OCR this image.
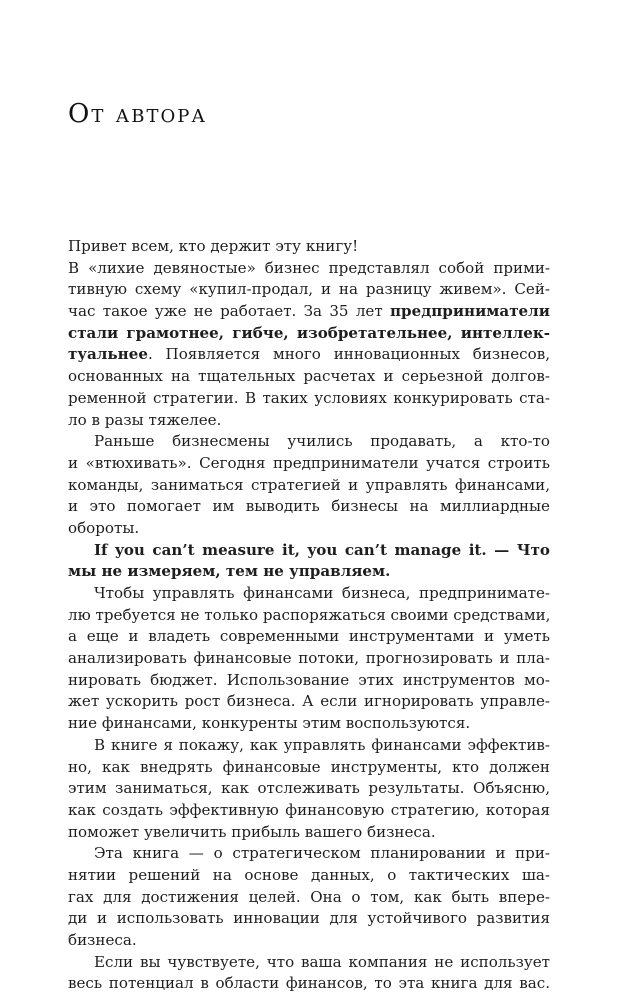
От автора
Привет всем, кто держит эту книгу!
В «лихие девяностые» бизнес представлял собой прими-
тивную схему «купил-продал, и на разницу живем». Сей-
час такое уже не работает. За 35 лет предприниматели
стали грамотнее, гибче, изобретательнее, интеллек-
туальнее. Появляется много инновационных бизнесов,
основанных на тщательных расчетах и серьезной долгов-
ременной стратегии. В таких условиях конкурировать ста-
ло в разы тяжелее.
Раньше бизнесмены учились продавать, а кто-то
и «втюхивать». Сегодня предприниматели учатся строить
команды, заниматься стратегией и управлять финансами,
и это помогает им выводить бизнесы на миллиардные
обороты.
If you can’t measure it, you can’t manage it. — Что
мы не измеряем, тем не управляем.
Чтобы управлять финансами бизнеса, предпринимате-
лю требуется не только распоряжаться своими средствами,
а еще и владеть современными инструментами и уметь
анализировать финансовые потоки, прогнозировать и пла-
нировать бюджет. Использование этих инструментов мо-
жет ускорить рост бизнеса. А если игнорировать управле-
ние финансами, конкуренты этим воспользуются.
В книге я покажу, как управлять финансами эффектив-
но, как внедрять финансовые инструменты, кто должен
этим заниматься, как отслеживать результаты. Объясню,
как создать эффективную финансовую стратегию, которая
поможет увеличить прибыль вашего бизнеса.
Эта книга — о стратегическом планировании и при-
нятии решений на основе данных, о тактических ша-
гах для достижения целей. Она о том, как быть впере-
ди и использовать инновации для устойчивого развития
бизнеса.
Если вы чувствуете, что ваша компания не использует
весь потенциал в области финансов, то эта книга для вас.
